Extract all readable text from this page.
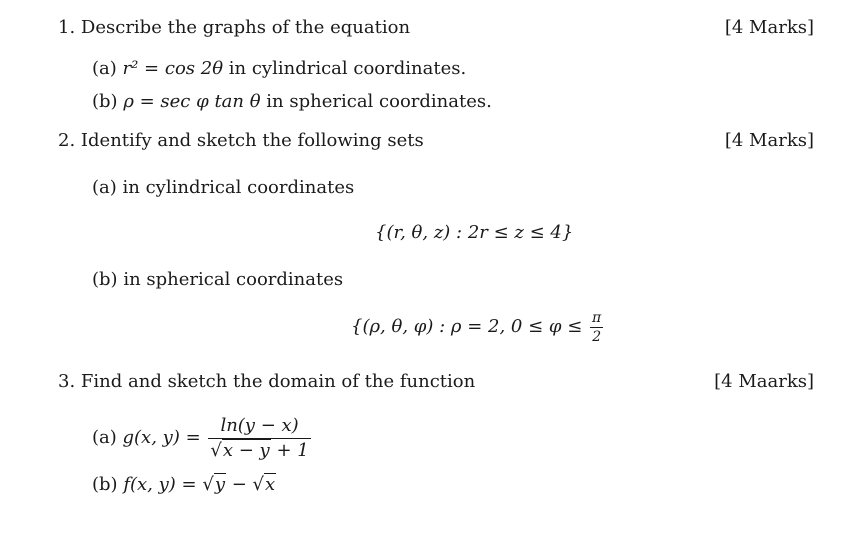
1. Describe the graphs of the equation	[4 Marks]
(a) r² = cos 2θ in cylindrical coordinates.
(b) ρ = sec φ tan θ in spherical coordinates.
2. Identify and sketch the following sets	[4 Marks]
(a) in cylindrical coordinates
{(r, θ, z) : 2r ≤ z ≤ 4}
(b) in spherical coordinates
{(ρ, θ, φ) : ρ = 2, $0 \le \varphi \le \frac{\pi}{2}$
3. Find and sketch the domain of the function	[4 Maarks]
(a) g(x, $y) = \frac{\ln(y - x)}{√x - y + 1}$
(b) f(x, y) = √y − √x
